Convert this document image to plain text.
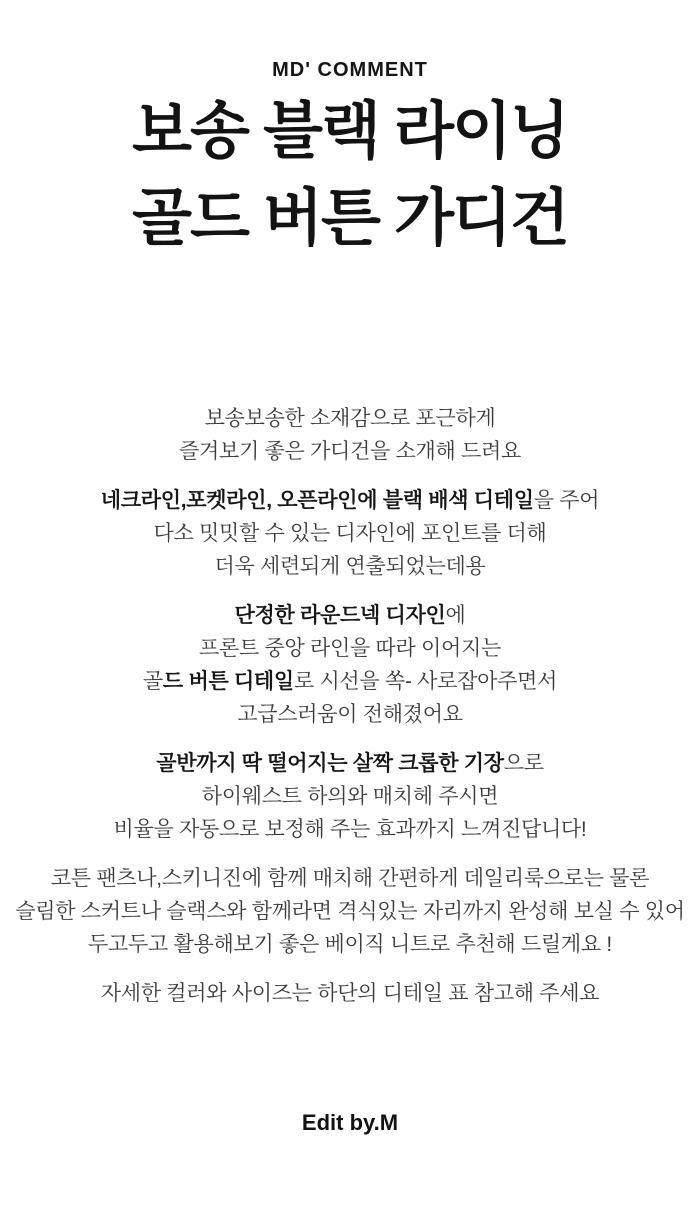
MD' COMMENT
보송 블랙 라이닝
골드 버튼 가디건

보송보송한 소재감으로 포근하게
즐겨보기 좋은 가디건을 소개해 드려요

네크라인,포켓라인, 오픈라인에 블랙 배색 디테일을 주어
다소 밋밋할 수 있는 디자인에 포인트를 더해
더욱 세련되게 연출되었는데용

단정한 라운드넥 디자인에
프론트 중앙 라인을 따라 이어지는
골드 버튼 디테일로 시선을 쏙- 사로잡아주면서
고급스러움이 전해졌어요

골반까지 딱 떨어지는 살짝 크롭한 기장으로
하이웨스트 하의와 매치헤 주시면
비율을 자동으로 보정해 주는 효과까지 느껴진답니다!

코튼 팬츠나,스키니진에 함께 매치해 간편하게 데일리룩으로는 물론
슬림한 스커트나 슬랙스와 함께라면 격식있는 자리까지 완성해 보실 수 있어
두고두고 활용해보기 좋은 베이직 니트로 추천해 드릴게요 !

자세한 컬러와 사이즈는 하단의 디테일 표 참고해 주세요

Edit by.M
